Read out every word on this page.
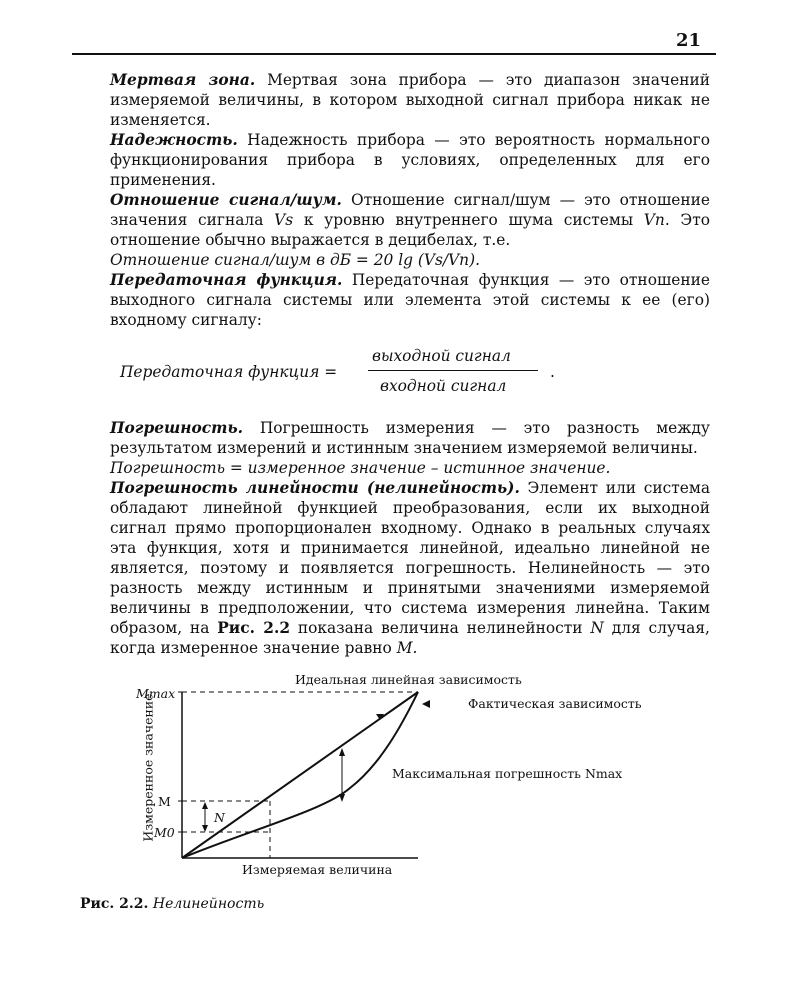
21

Мертвая зона. Мертвая зона прибора — это диапазон значений измеряемой величины, в котором выходной сигнал прибора никак не изменяется.

Надежность. Надежность прибора — это вероятность нормального функционирования прибора в условиях, определенных для его применения.

Отношение сигнал/шум. Отношение сигнал/шум — это отношение значения сигнала Vs к уровню внутреннего шума системы Vn. Это отношение обычно выражается в децибелах, т.е.

Отношение сигнал/шум в дБ = 20 lg (Vs/Vn).

Передаточная функция. Передаточная функция — это отношение выходного сигнала системы или элемента этой системы к ее (его) входному сигналу:

Передаточная функция =
выходной сигнал
входной сигнал
.

Погрешность. Погрешность измерения — это разность между результатом измерений и истинным значением измеряемой величины.

Погрешность = измеренное значение – истинное значение.

Погрешность линейности (нелинейность). Элемент или система обладают линейной функцией преобразования, если их выходной сигнал прямо пропорционален входному. Однако в реальных случаях эта функция, хотя и принимается линейной, идеально линейной не является, поэтому и появляется погрешность. Нелинейность — это разность между истинным и принятыми значениями измеряемой величины в предположении, что система измерения линейна. Таким образом, на Рис. 2.2 показана величина нелинейности N для случая, когда измеренное значение равно M.

Идеальная линейная зависимость
Фактическая зависимость
Максимальная погрешность Nmax
Mmax
M
M0
N
Измеряемая величина
Измеренное значение
Рис. 2.2. Нелинейность
